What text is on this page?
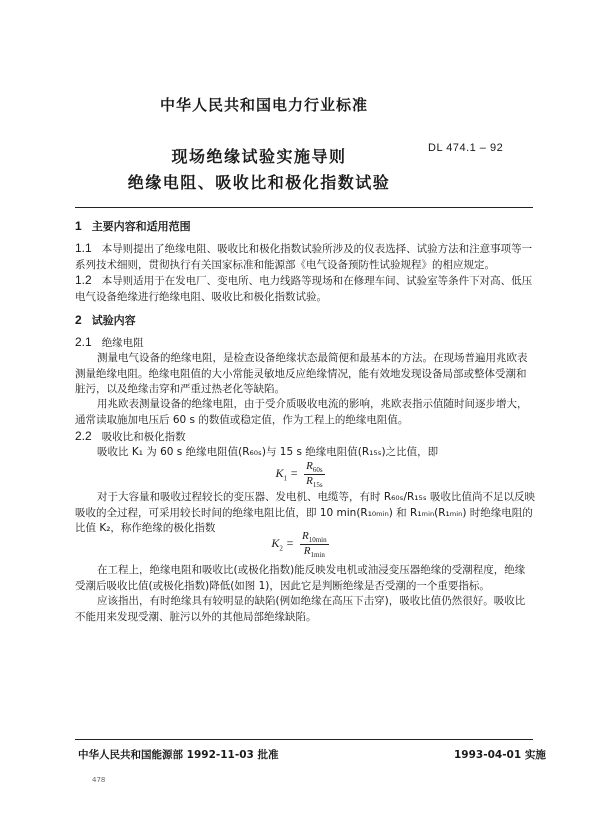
中华人民共和国电力行业标准
DL 474.1 – 92
现场绝缘试验实施导则
绝缘电阻、吸收比和极化指数试验
1 主要内容和适用范围
1.1 本导则提出了绝缘电阻、吸收比和极化指数试验所涉及的仪表选择、试验方法和注意事项等一系列技术细则，贯彻执行有关国家标准和能源部《电气设备预防性试验规程》的相应规定。
1.2 本导则适用于在发电厂、变电所、电力线路等现场和在修理车间、试验室等条件下对高、低压电气设备绝缘进行绝缘电阻、吸收比和极化指数试验。
2 试验内容
2.1 绝缘电阻
测量电气设备的绝缘电阻，是检查设备绝缘状态最简便和最基本的方法。在现场普遍用兆欧表测量绝缘电阻。绝缘电阻值的大小常能灵敏地反应绝缘情况，能有效地发现设备局部或整体受潮和脏污，以及绝缘击穿和严重过热老化等缺陷。
用兆欧表测量设备的绝缘电阻，由于受介质吸收电流的影响，兆欧表指示值随时间逐步增大，通常读取施加电压后 60 s 的数值或稳定值，作为工程上的绝缘电阻值。
2.2 吸收比和极化指数
吸收比 K₁ 为 60 s 绝缘电阻值(R₆₀ₛ)与 15 s 绝缘电阻值(R₁₅ₛ)之比值，即
$K_1 = \frac{R_{60s}}{R_{15s}}$
对于大容量和吸收过程较长的变压器、发电机、电缆等，有时 R₆₀ₛ/R₁₅ₛ 吸收比值尚不足以反映吸收的全过程，可采用较长时间的绝缘电阻比值，即 10 min(R₁₀ₘᵢₙ) 和 R₁ₘᵢₙ(R₁ₘᵢₙ) 时绝缘电阻的比值 K₂，称作绝缘的极化指数
$K_2 = \frac{R_{10min}}{R_{1min}}$
在工程上，绝缘电阻和吸收比(或极化指数)能反映发电机或油浸变压器绝缘的受潮程度，绝缘受潮后吸收比值(或极化指数)降低(如图 1)，因此它是判断绝缘是否受潮的一个重要指标。
应该指出，有时绝缘具有较明显的缺陷(例如绝缘在高压下击穿)，吸收比值仍然很好。吸收比不能用来发现受潮、脏污以外的其他局部绝缘缺陷。
中华人民共和国能源部 1992-11-03 批准	1993-04-01 实施
478
